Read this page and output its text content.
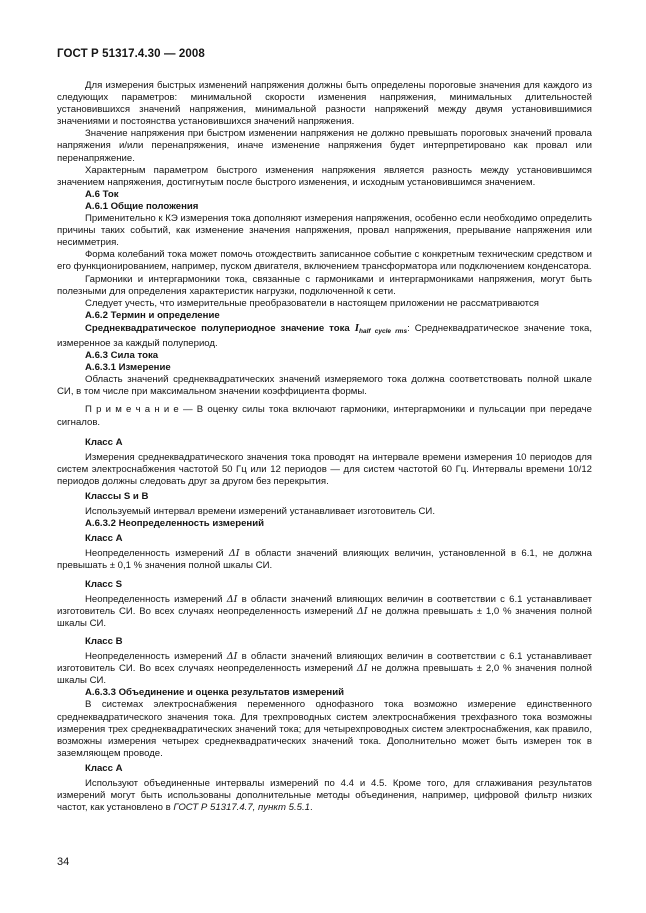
ГОСТ Р 51317.4.30 — 2008

Для измерения быстрых изменений напряжения должны быть определены пороговые значения для каждого из следующих параметров: минимальной скорости изменения напряжения, минимальных длительностей установившихся значений напряжения, минимальной разности напряжений между двумя установившимися значениями и постоянства установившихся значений напряжения.

Значение напряжения при быстром изменении напряжения не должно превышать пороговых значений провала напряжения и/или перенапряжения, иначе изменение напряжения будет интерпретировано как провал или перенапряжение.

Характерным параметром быстрого изменения напряжения является разность между установившимся значением напряжения, достигнутым после быстрого изменения, и исходным установившимся значением.

А.6 Ток

А.6.1 Общие положения

Применительно к КЭ измерения тока дополняют измерения напряжения, особенно если необходимо определить причины таких событий, как изменение значения напряжения, провал напряжения, прерывание напряжения или несимметрия.

Форма колебаний тока может помочь отождествить записанное событие с конкретным техническим средством и его функционированием, например, пуском двигателя, включением трансформатора или подключением конденсатора.

Гармоники и интергармоники тока, связанные с гармониками и интергармониками напряжения, могут быть полезными для определения характеристик нагрузки, подключенной к сети.

Следует учесть, что измерительные преобразователи в настоящем приложении не рассматриваются

А.6.2 Термин и определение

Среднеквадратическое полупериодное значение тока $I_{half cycle rms}$: Среднеквадратическое значение тока, измеренное за каждый полупериод.

А.6.3 Сила тока

А.6.3.1 Измерение

Область значений среднеквадратических значений измеряемого тока должна соответствовать полной шкале СИ, в том числе при максимальном значении коэффициента формы.

П р и м е ч а н и е — В оценку силы тока включают гармоники, интергармоники и пульсации при передаче сигналов.

Класс А

Измерения среднеквадратического значения тока проводят на интервале времени измерения 10 периодов для систем электроснабжения частотой 50 Гц или 12 периодов — для систем частотой 60 Гц. Интервалы времени 10/12 периодов должны следовать друг за другом без перекрытия.

Классы S и В

Используемый интервал времени измерений устанавливает изготовитель СИ.

А.6.3.2 Неопределенность измерений

Класс А

Неопределенность измерений ΔI в области значений влияющих величин, установленной в 6.1, не должна превышать ± 0,1 % значения полной шкалы СИ.

Класс S

Неопределенность измерений ΔI в области значений влияющих величин в соответствии с 6.1 устанавливает изготовитель СИ. Во всех случаях неопределенность измерений ΔI не должна превышать ± 1,0 % значения полной шкалы СИ.

Класс В

Неопределенность измерений ΔI в области значений влияющих величин в соответствии с 6.1 устанавливает изготовитель СИ. Во всех случаях неопределенность измерений ΔI не должна превышать ± 2,0 % значения полной шкалы СИ.

А.6.3.3 Объединение и оценка результатов измерений

В системах электроснабжения переменного однофазного тока возможно измерение единственного среднеквадратического значения тока. Для трехпроводных систем электроснабжения трехфазного тока возможны измерения трех среднеквадратических значений тока; для четырехпроводных систем электроснабжения, как правило, возможны измерения четырех среднеквадратических значений тока. Дополнительно может быть измерен ток в заземляющем проводе.

Класс А

Используют объединенные интервалы измерений по 4.4 и 4.5. Кроме того, для сглаживания результатов измерений могут быть использованы дополнительные методы объединения, например, цифровой фильтр низких частот, как установлено в ГОСТ Р 51317.4.7, пункт 5.5.1.

34
